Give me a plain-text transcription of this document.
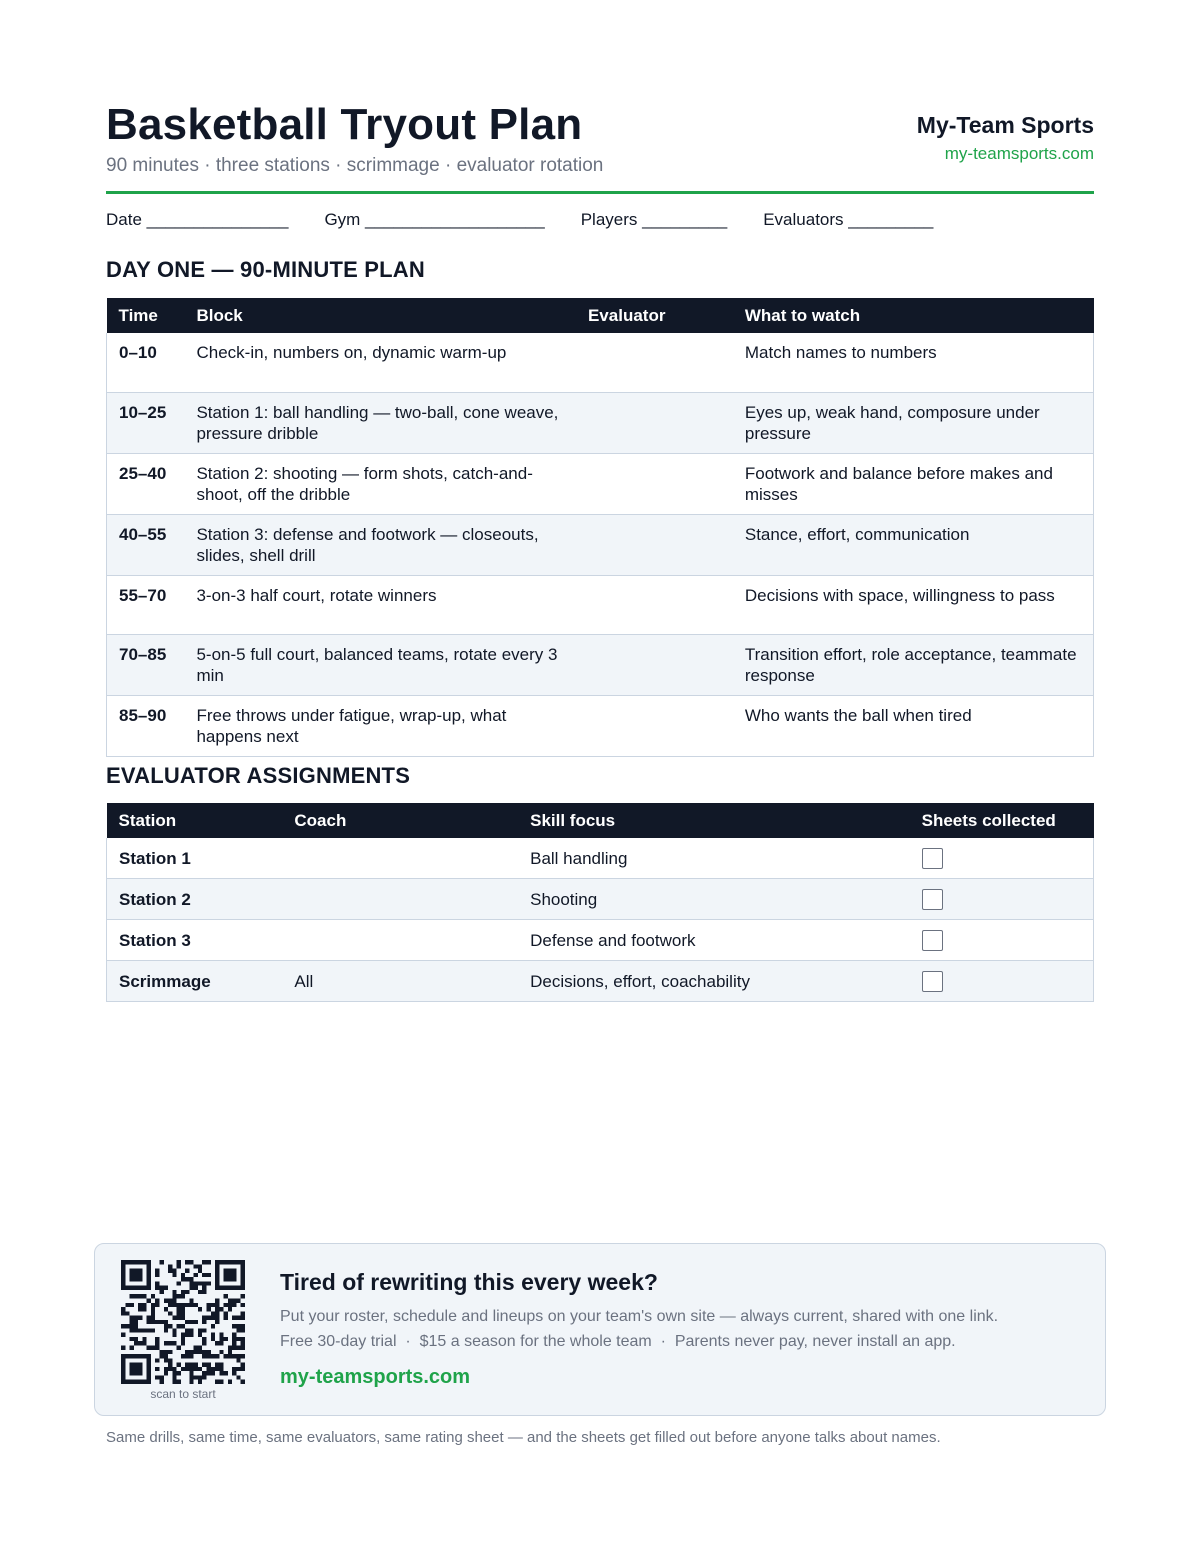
Basketball Tryout Plan
90 minutes · three stations · scrimmage · evaluator rotation
My-Team Sports
my-teamsports.com
Date _______________ Gym ___________________ Players _________ Evaluators _________
DAY ONE — 90-MINUTE PLAN
Time	Block	Evaluator	What to watch
0–10	Check-in, numbers on, dynamic warm-up		Match names to numbers
10–25	Station 1: ball handling — two-ball, cone weave, pressure dribble		Eyes up, weak hand, composure under pressure
25–40	Station 2: shooting — form shots, catch-and-shoot, off the dribble		Footwork and balance before makes and misses
40–55	Station 3: defense and footwork — closeouts, slides, shell drill		Stance, effort, communication
55–70	3-on-3 half court, rotate winners		Decisions with space, willingness to pass
70–85	5-on-5 full court, balanced teams, rotate every 3 min		Transition effort, role acceptance, teammate response
85–90	Free throws under fatigue, wrap-up, what happens next		Who wants the ball when tired
EVALUATOR ASSIGNMENTS
Station	Coach	Skill focus	Sheets collected
Station 1		Ball handling	
Station 2		Shooting	
Station 3		Defense and footwork	
Scrimmage	All	Decisions, effort, coachability	
scan to start
Tired of rewriting this every week?
Put your roster, schedule and lineups on your team's own site — always current, shared with one link.
Free 30-day trial  ·  $15 a season for the whole team  ·  Parents never pay, never install an app.
my-teamsports.com
Same drills, same time, same evaluators, same rating sheet — and the sheets get filled out before anyone talks about names.
